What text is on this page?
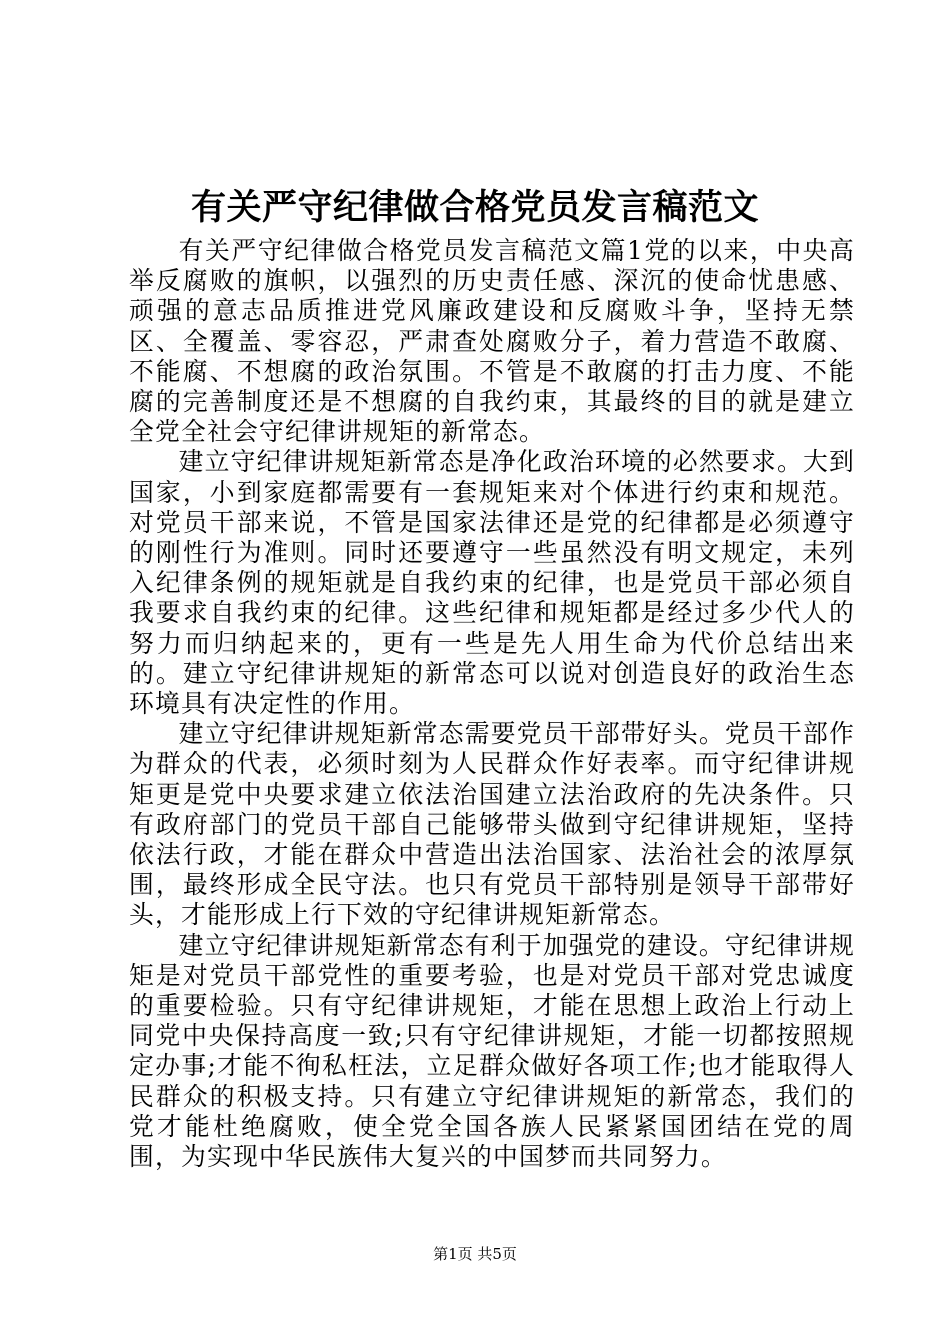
有关严守纪律做合格党员发言稿范文

有关严守纪律做合格党员发言稿范文篇1党的以来，中央高举反腐败的旗帜，以强烈的历史责任感、深沉的使命忧患感、顽强的意志品质推进党风廉政建设和反腐败斗争，坚持无禁区、全覆盖、零容忍，严肃查处腐败分子，着力营造不敢腐、不能腐、不想腐的政治氛围。不管是不敢腐的打击力度、不能腐的完善制度还是不想腐的自我约束，其最终的目的就是建立全党全社会守纪律讲规矩的新常态。

建立守纪律讲规矩新常态是净化政治环境的必然要求。大到国家，小到家庭都需要有一套规矩来对个体进行约束和规范。对党员干部来说，不管是国家法律还是党的纪律都是必须遵守的刚性行为准则。同时还要遵守一些虽然没有明文规定，未列入纪律条例的规矩就是自我约束的纪律，也是党员干部必须自我要求自我约束的纪律。这些纪律和规矩都是经过多少代人的努力而归纳起来的，更有一些是先人用生命为代价总结出来的。建立守纪律讲规矩的新常态可以说对创造良好的政治生态环境具有决定性的作用。

建立守纪律讲规矩新常态需要党员干部带好头。党员干部作为群众的代表，必须时刻为人民群众作好表率。而守纪律讲规矩更是党中央要求建立依法治国建立法治政府的先决条件。只有政府部门的党员干部自己能够带头做到守纪律讲规矩，坚持依法行政，才能在群众中营造出法治国家、法治社会的浓厚氛围，最终形成全民守法。也只有党员干部特别是领导干部带好头，才能形成上行下效的守纪律讲规矩新常态。

建立守纪律讲规矩新常态有利于加强党的建设。守纪律讲规矩是对党员干部党性的重要考验，也是对党员干部对党忠诚度的重要检验。只有守纪律讲规矩，才能在思想上政治上行动上同党中央保持高度一致;只有守纪律讲规矩，才能一切都按照规定办事;才能不徇私枉法，立足群众做好各项工作;也才能取得人民群众的积极支持。只有建立守纪律讲规矩的新常态，我们的党才能杜绝腐败，使全党全国各族人民紧紧国团结在党的周围，为实现中华民族伟大复兴的中国梦而共同努力。

第1页 共5页
